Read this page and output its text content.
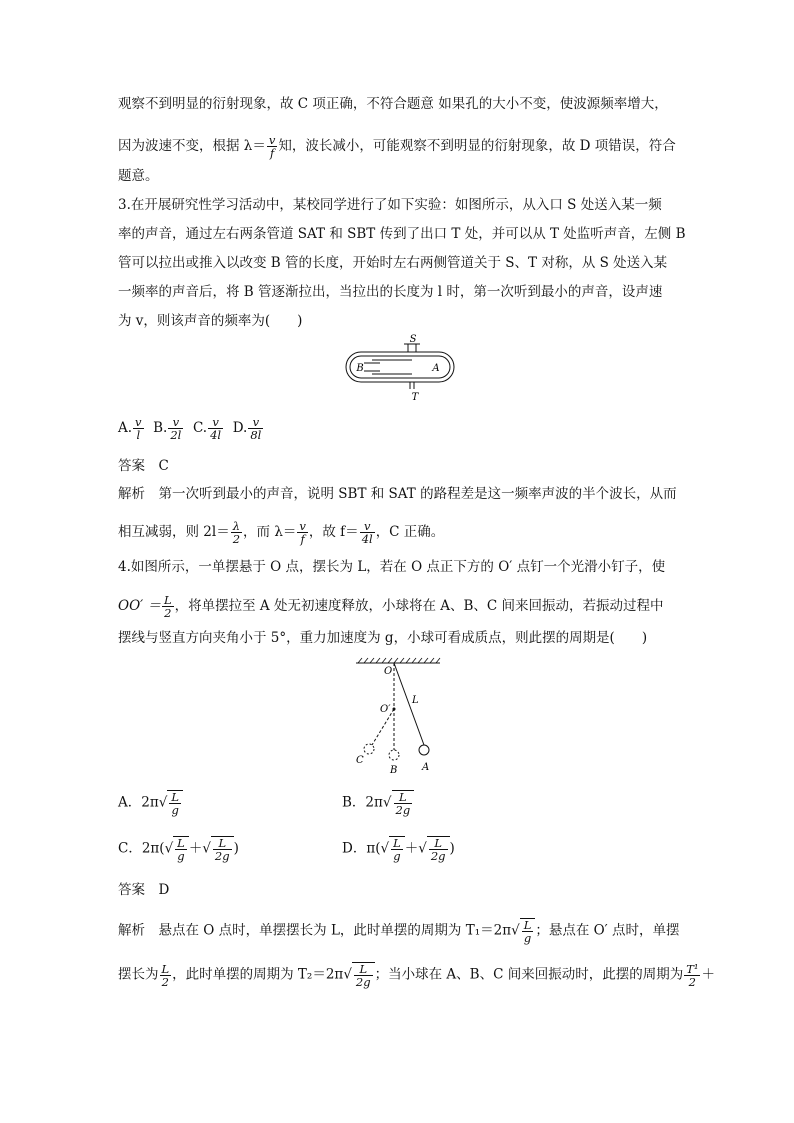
观察不到明显的衍射现象，故 C 项正确，不符合题意 如果孔的大小不变，使波源频率增大，
因为波速不变，根据 $\lambda= \frac{v}{f}$ 知，波长减小，可能观察不到明显的衍射现象，故 D 项错误，符合
题意。
3.在开展研究性学习活动中，某校同学进行了如下实验：如图所示，从入口 S 处送入某一频
率的声音，通过左右两条管道 SAT 和 SBT 传到了出口 T 处，并可以从 T 处监听声音，左侧 B
管可以拉出或推入以改变 B 管的长度，开始时左右两侧管道关于 S、T 对称，从 S 处送入某
一频率的声音后，将 B 管逐渐拉出，当拉出的长度为 l 时，第一次听到最小的声音，设声速
为 v，则该声音的频率为(　　)
S
B	A
T
A. $\frac{v}{l} B$. $\frac{v}{2l} C$. $\frac{v}{4l} D$. $\frac{v}{8l}$
答案　C
解析　第一次听到最小的声音，说明 SBT 和 SAT 的路程差是这一频率声波的半个波长，从而
相互减弱，则 $2l= \frac{\lambda}{2}$ ，而 $\lambda= \frac{v}{f}$ ，故 $f= \frac{v}{4l}$ ，C 正确。
4.如图所示，一单摆悬于 O 点，摆长为 L，若在 O 点正下方的 O′ 点钉一个光滑小钉子，使
$OO' = \frac{L}{2}$ ，将单摆拉至 A 处无初速度释放，小球将在 A、B、C 间来回振动，若振动过程中
摆线与竖直方向夹角小于 5°，重力加速度为 g，小球可看成质点，则此摆的周期是(　　)
O
O′
L
A
B
C
A．$2\pi√ \frac{L}{g}$	B．$2\pi√ \frac{L}{2g}$
C．$2\pi(√ \frac{L}{g}$ ＋√ $\frac{L}{2g}$ )	D．$\pi(√ \frac{L}{g}$ ＋√ $\frac{L}{2g}$ )
答案　D
解析　悬点在 O 点时，单摆摆长为 L，此时单摆的周期为 $T_1=2\pi√ \frac{L}{g}$ ；悬点在 O′ 点时，单摆
摆长为 $\frac{L}{2}$ ，此时单摆的周期为 $T_2=2\pi√ \frac{L}{2g}$ ；当小球在 A、B、C 间来回振动时，此摆的周期为 $\frac{\text{T¹}}{2}$ ＋
